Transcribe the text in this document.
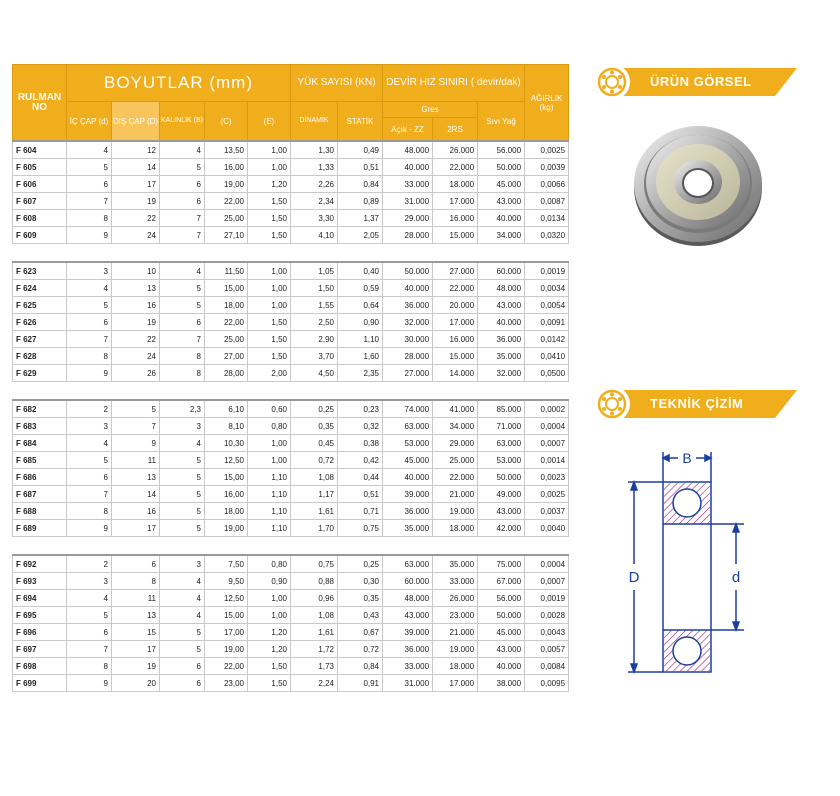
RULMAN NO	BOYUTLAR (mm)					YÜK SAYISI (KN)		DEVİR HIZ SINIRI ( devir/dak)			AĞIRLIK (kg)
	İÇ ÇAP (d)	DIŞ ÇAP (D)	KALINLIK (B)	(C)	(E)	DİNAMİK	STATİK	Gres		Sıvı Yağ	
								Açık - ZZ	2RS		
F 604	4	12	4	13,50	1,00	1,30	0,49	48.000	26.000	56.000	0,0025
F 605	5	14	5	16,00	1,00	1,33	0,51	40.000	22.000	50.000	0,0039
F 606	6	17	6	19,00	1,20	2,26	0,84	33.000	18.000	45.000	0,0066
F 607	7	19	6	22,00	1,50	2,34	0,89	31.000	17.000	43.000	0,0087
F 608	8	22	7	25,00	1,50	3,30	1,37	29.000	16.000	40.000	0,0134
F 609	9	24	7	27,10	1,50	4,10	2,05	28.000	15.000	34.000	0,0320

F 623	3	10	4	11,50	1,00	1,05	0,40	50.000	27.000	60.000	0,0019
F 624	4	13	5	15,00	1,00	1,50	0,59	40.000	22.000	48.000	0,0034
F 625	5	16	5	18,00	1,00	1,55	0,64	36.000	20.000	43.000	0,0054
F 626	6	19	6	22,00	1,50	2,50	0,90	32.000	17.000	40.000	0,0091
F 627	7	22	7	25,00	1,50	2,90	1,10	30.000	16.000	36.000	0,0142
F 628	8	24	8	27,00	1,50	3,70	1,60	28.000	15.000	35.000	0,0410
F 629	9	26	8	28,00	2,00	4,50	2,35	27.000	14.000	32.000	0,0500

F 682	2	5	2,3	6,10	0,60	0,25	0,23	74.000	41.000	85.000	0,0002
F 683	3	7	3	8,10	0,80	0,35	0,32	63.000	34.000	71.000	0,0004
F 684	4	9	4	10,30	1,00	0,45	0,38	53.000	29.000	63.000	0,0007
F 685	5	11	5	12,50	1,00	0,72	0,42	45.000	25.000	53.000	0,0014
F 686	6	13	5	15,00	1,10	1,08	0,44	40.000	22.000	50.000	0,0023
F 687	7	14	5	16,00	1,10	1,17	0,51	39.000	21.000	49.000	0,0025
F 688	8	16	5	18,00	1,10	1,61	0,71	36.000	19.000	43.000	0,0037
F 689	9	17	5	19,00	1,10	1,70	0,75	35.000	18.000	42.000	0,0040

F 692	2	6	3	7,50	0,80	0,75	0,25	63.000	35.000	75.000	0,0004
F 693	3	8	4	9,50	0,90	0,88	0,30	60.000	33.000	67.000	0,0007
F 694	4	11	4	12,50	1,00	0,96	0,35	48.000	26.000	56.000	0,0019
F 695	5	13	4	15,00	1,00	1,08	0,43	43.000	23.000	50.000	0,0028
F 696	6	15	5	17,00	1,20	1,61	0,67	39.000	21.000	45.000	0,0043
F 697	7	17	5	19,00	1,20	1,72	0,72	36.000	19.000	43.000	0,0057
F 698	8	19	6	22,00	1,50	1,73	0,84	33.000	18.000	40.000	0,0084
F 699	9	20	6	23,00	1,50	2,24	0,91	31.000	17.000	38.000	0,0095
ÜRÜN GÖRSEL
TEKNİK ÇİZİM
B
D	d
